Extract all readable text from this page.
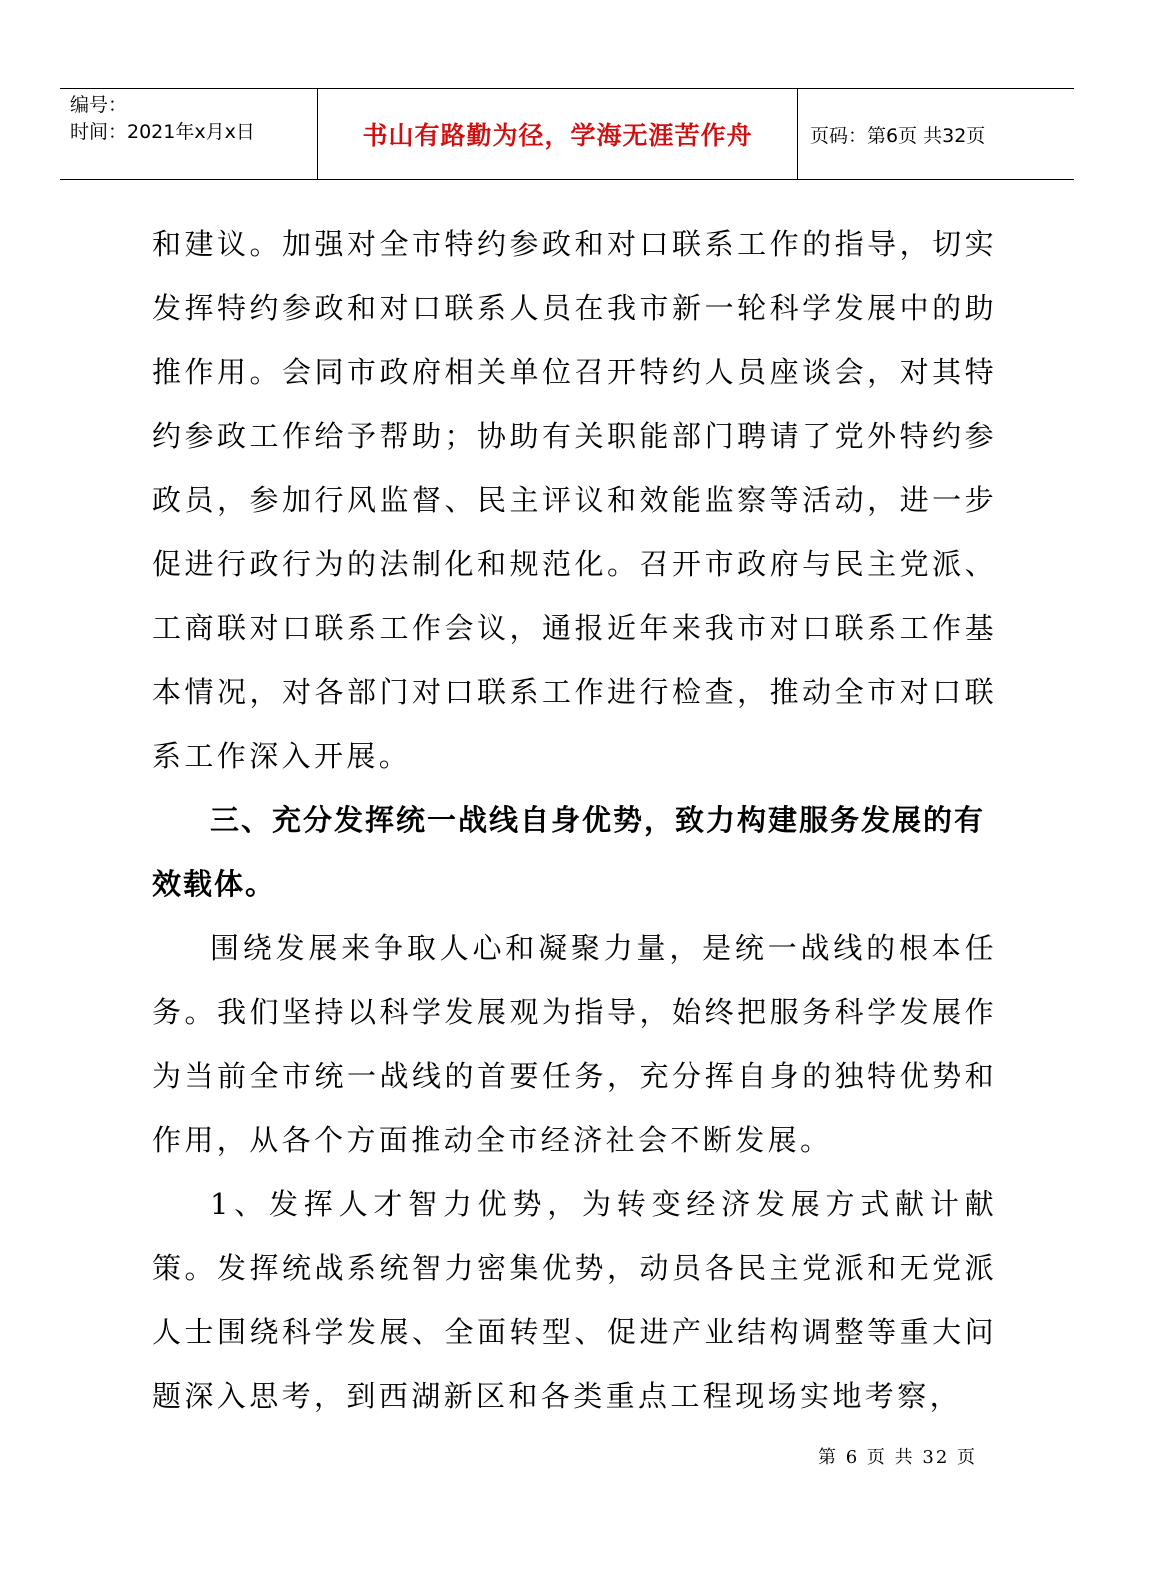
编号：
时间：2021年x月x日	书山有路勤为径，学海无涯苦作舟	页码：第6页 共32页

和建议。加强对全市特约参政和对口联系工作的指导，切实发挥特约参政和对口联系人员在我市新一轮科学发展中的助推作用。会同市政府相关单位召开特约人员座谈会，对其特约参政工作给予帮助；协助有关职能部门聘请了党外特约参政员，参加行风监督、民主评议和效能监察等活动，进一步促进行政行为的法制化和规范化。召开市政府与民主党派、工商联对口联系工作会议，通报近年来我市对口联系工作基本情况，对各部门对口联系工作进行检查，推动全市对口联系工作深入开展。

三、充分发挥统一战线自身优势，致力构建服务发展的有效载体。

围绕发展来争取人心和凝聚力量，是统一战线的根本任务。我们坚持以科学发展观为指导，始终把服务科学发展作为当前全市统一战线的首要任务，充分挥自身的独特优势和作用，从各个方面推动全市经济社会不断发展。

1、发挥人才智力优势，为转变经济发展方式献计献策。发挥统战系统智力密集优势，动员各民主党派和无党派人士围绕科学发展、全面转型、促进产业结构调整等重大问题深入思考，到西湖新区和各类重点工程现场实地考察，

第 6 页 共 32 页
